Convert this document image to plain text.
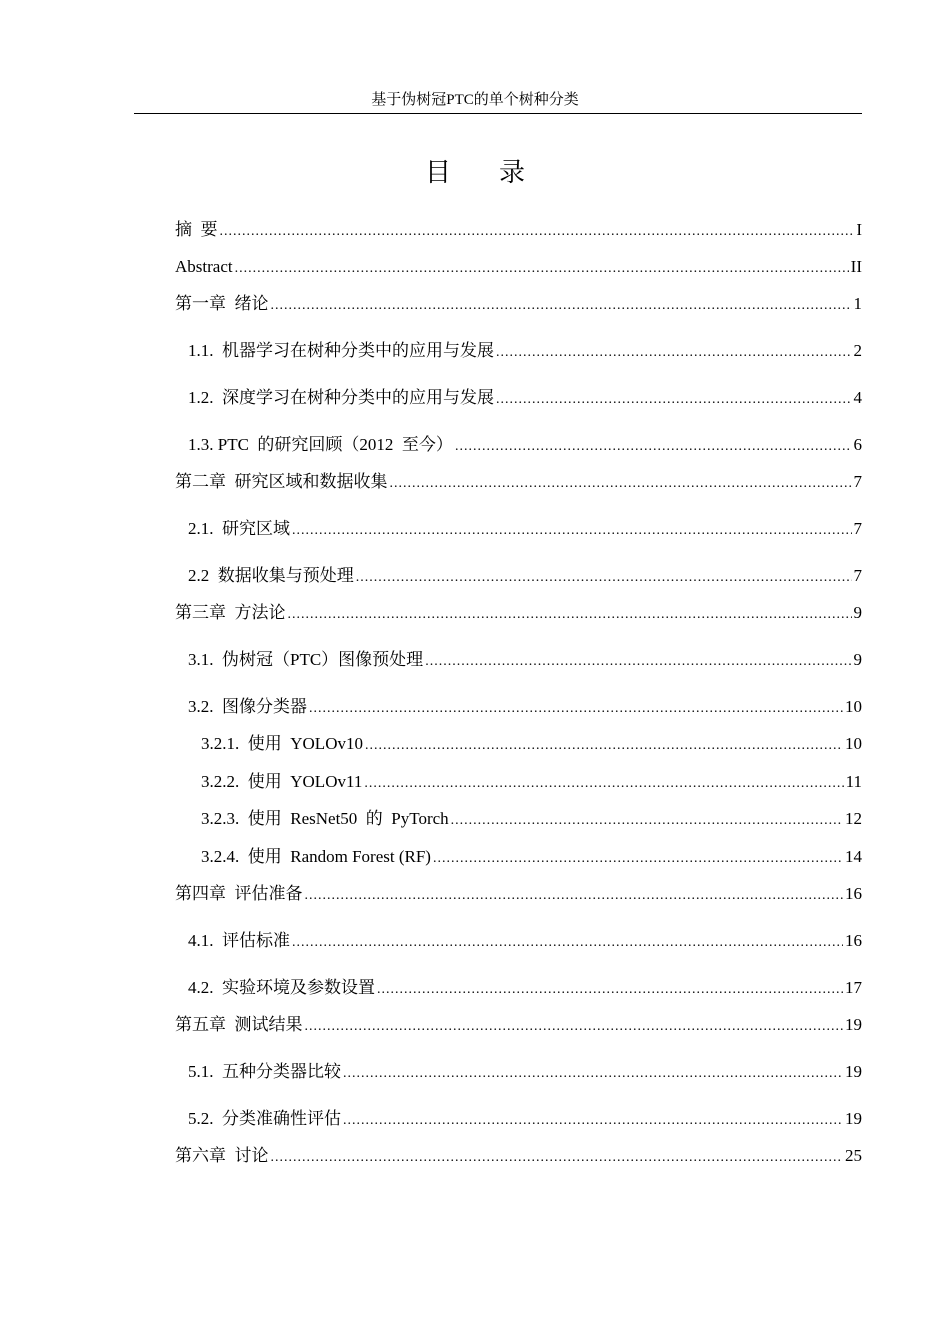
基于伪树冠PTC的单个树种分类
目录
摘  要 .....	I
Abstract .....	II
第一章  绪论 .....	1
1.1.  机器学习在树种分类中的应用与发展 .....	2
1.2.  深度学习在树种分类中的应用与发展 .....	4
1.3. PTC  的研究回顾（2012  至今） .....	6
第二章  研究区域和数据收集 .....	7
2.1.  研究区域 .....	7
2.2  数据收集与预处理 .....	7
第三章  方法论 .....	9
3.1.  伪树冠（PTC）图像预处理 .....	9
3.2.  图像分类器 .....	10
3.2.1.  使用  YOLOv10 .....	10
3.2.2.  使用  YOLOv11 .....	11
3.2.3.  使用  ResNet50  的  PyTorch .....	12
3.2.4.  使用  Random Forest (RF) .....	14
第四章  评估准备 .....	16
4.1.  评估标准 .....	16
4.2.  实验环境及参数设置 .....	17
第五章  测试结果 .....	19
5.1.  五种分类器比较 .....	19
5.2.  分类准确性评估 .....	19
第六章  讨论 .....	25
